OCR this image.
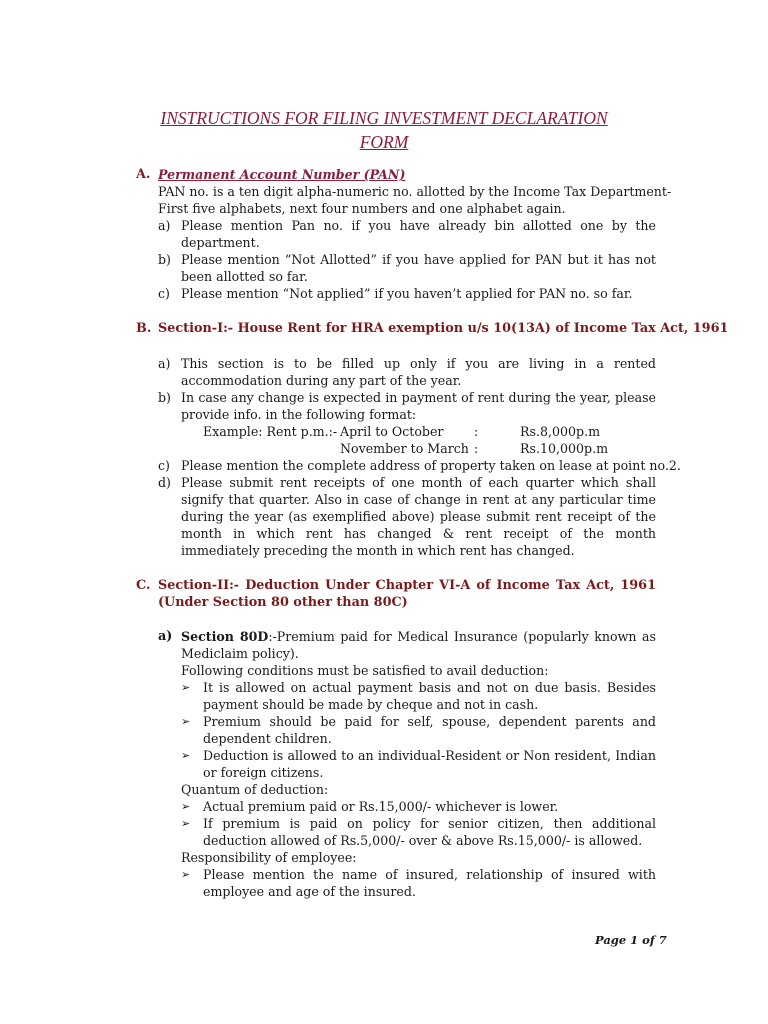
INSTRUCTIONS FOR FILING INVESTMENT DECLARATION
FORM
A. Permanent Account Number (PAN)
PAN no. is a ten digit alpha-numeric no. allotted by the Income Tax Department-
First five alphabets, next four numbers and one alphabet again.
a) Please mention Pan no. if you have already bin allotted one by the department.
b) Please mention “Not Allotted” if you have applied for PAN but it has not been allotted so far.
c) Please mention “Not applied” if you haven’t applied for PAN no. so far.
B. Section-I:- House Rent for HRA exemption u/s 10(13A) of Income Tax Act, 1961
a) This section is to be filled up only if you are living in a rented accommodation during any part of the year.
b) In case any change is expected in payment of rent during the year, please provide info. in the following format:
Example: Rent p.m.:- April to October :	Rs.8,000p.m
November to March :	Rs.10,000p.m
c) Please mention the complete address of property taken on lease at point no.2.
d) Please submit rent receipts of one month of each quarter which shall signify that quarter. Also in case of change in rent at any particular time during the year (as exemplified above) please submit rent receipt of the month in which rent has changed & rent receipt of the month immediately preceding the month in which rent has changed.
C. Section-II:- Deduction Under Chapter VI-A of Income Tax Act, 1961 (Under Section 80 other than 80C)
a) Section 80D:-Premium paid for Medical Insurance (popularly known as Mediclaim policy).
Following conditions must be satisfied to avail deduction:
➢ It is allowed on actual payment basis and not on due basis. Besides payment should be made by cheque and not in cash.
➢ Premium should be paid for self, spouse, dependent parents and dependent children.
➢ Deduction is allowed to an individual-Resident or Non resident, Indian or foreign citizens.
Quantum of deduction:
➢ Actual premium paid or Rs.15,000/- whichever is lower.
➢ If premium is paid on policy for senior citizen, then additional deduction allowed of Rs.5,000/- over & above Rs.15,000/- is allowed.
Responsibility of employee:
➢ Please mention the name of insured, relationship of insured with employee and age of the insured.
Page 1 of 7
